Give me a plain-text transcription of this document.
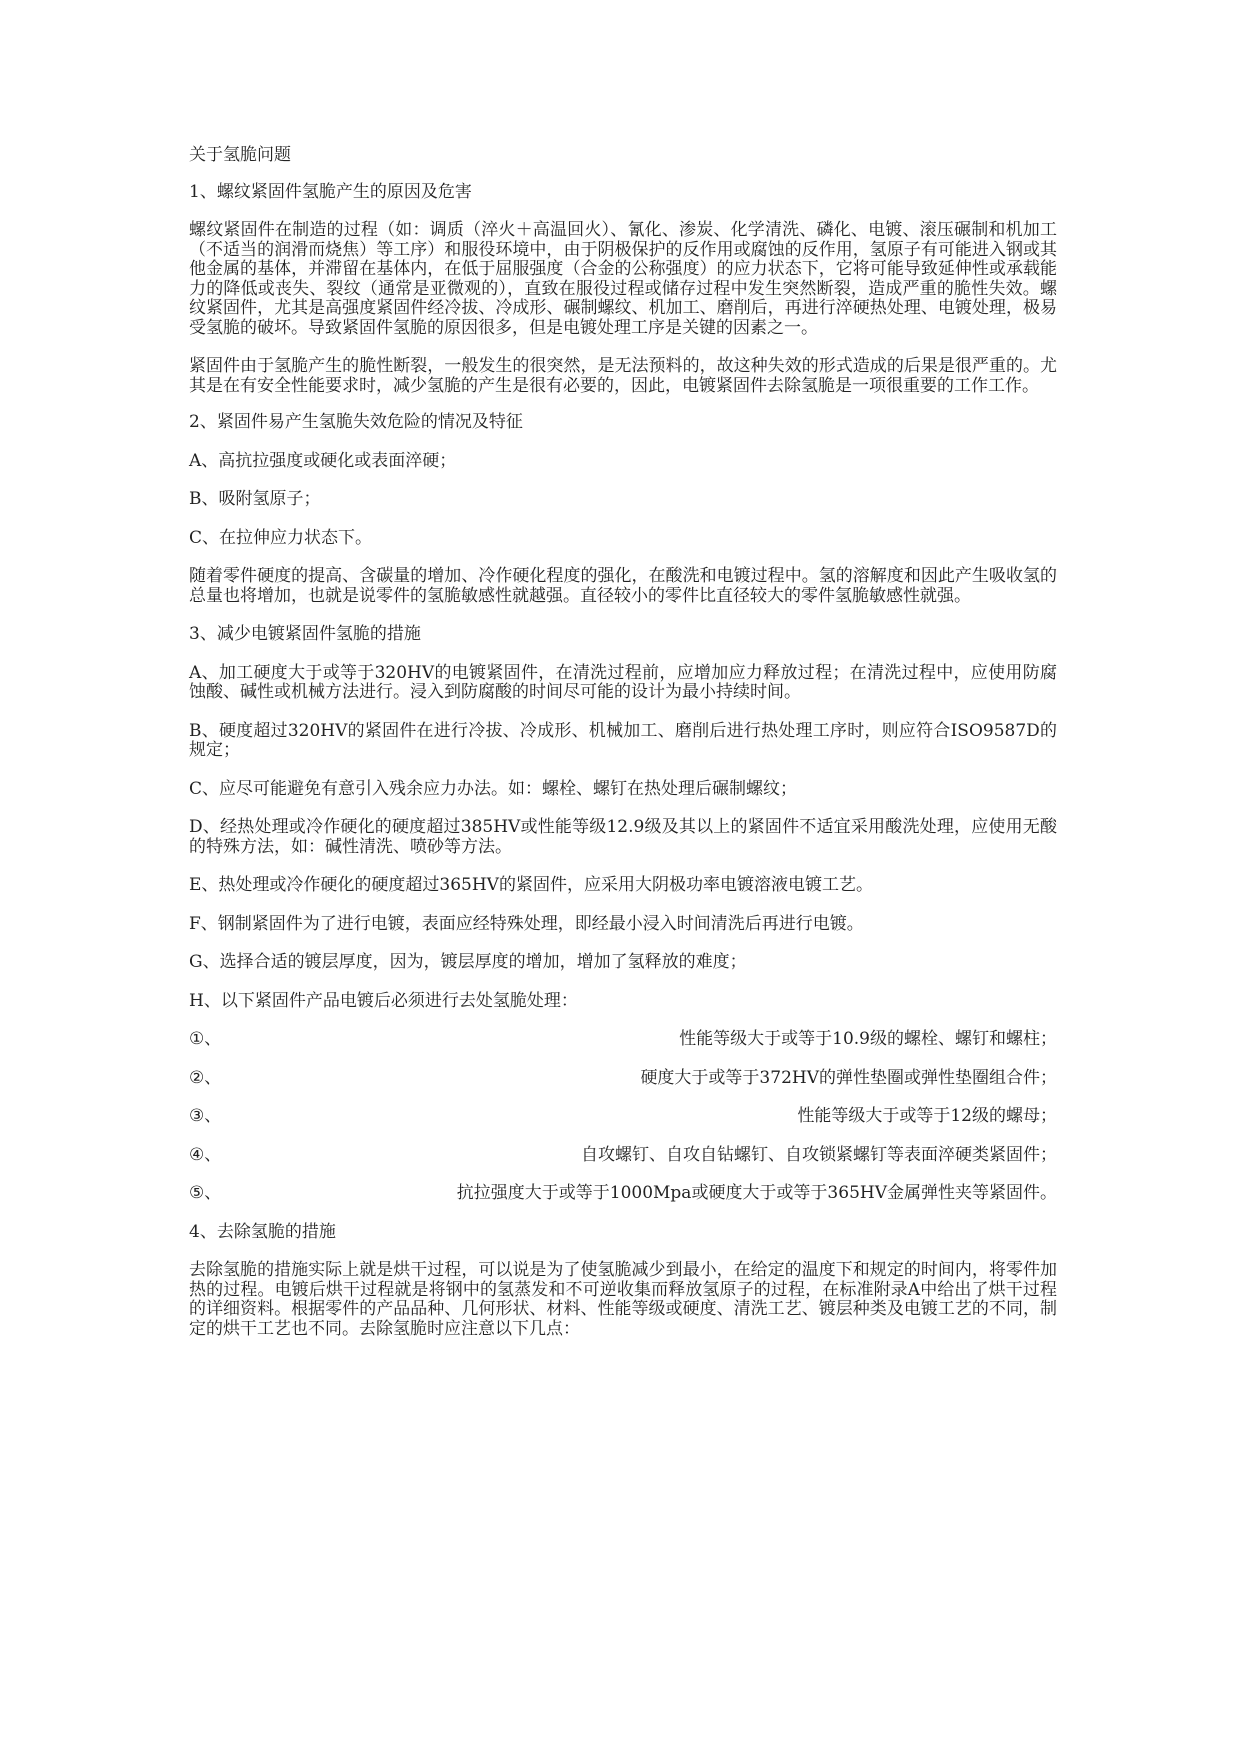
关于氢脆问题

1、螺纹紧固件氢脆产生的原因及危害

螺纹紧固件在制造的过程（如：调质（淬火＋高温回火）、氰化、渗炭、化学清洗、磷化、电镀、滚压碾制和机加工（不适当的润滑而烧焦）等工序）和服役环境中，由于阴极保护的反作用或腐蚀的反作用，氢原子有可能进入钢或其他金属的基体，并滞留在基体内，在低于屈服强度（合金的公称强度）的应力状态下，它将可能导致延伸性或承载能力的降低或丧失、裂纹（通常是亚微观的），直致在服役过程或储存过程中发生突然断裂，造成严重的脆性失效。螺纹紧固件，尤其是高强度紧固件经冷拔、冷成形、碾制螺纹、机加工、磨削后，再进行淬硬热处理、电镀处理，极易受氢脆的破坏。导致紧固件氢脆的原因很多，但是电镀处理工序是关键的因素之一。

紧固件由于氢脆产生的脆性断裂，一般发生的很突然，是无法预料的，故这种失效的形式造成的后果是很严重的。尤其是在有安全性能要求时，减少氢脆的产生是很有必要的，因此，电镀紧固件去除氢脆是一项很重要的工作工作。

2、紧固件易产生氢脆失效危险的情况及特征

A、高抗拉强度或硬化或表面淬硬；

B、吸附氢原子；

C、在拉伸应力状态下。

随着零件硬度的提高、含碳量的增加、冷作硬化程度的强化，在酸洗和电镀过程中。氢的溶解度和因此产生吸收氢的总量也将增加，也就是说零件的氢脆敏感性就越强。直径较小的零件比直径较大的零件氢脆敏感性就强。

3、减少电镀紧固件氢脆的措施

A、加工硬度大于或等于320HV的电镀紧固件，在清洗过程前，应增加应力释放过程；在清洗过程中，应使用防腐蚀酸、碱性或机械方法进行。浸入到防腐酸的时间尽可能的设计为最小持续时间。

B、硬度超过320HV的紧固件在进行冷拔、冷成形、机械加工、磨削后进行热处理工序时，则应符合ISO9587D的规定；

C、应尽可能避免有意引入残余应力办法。如：螺栓、螺钉在热处理后碾制螺纹；

D、经热处理或冷作硬化的硬度超过385HV或性能等级12.9级及其以上的紧固件不适宜采用酸洗处理，应使用无酸的特殊方法，如：碱性清洗、喷砂等方法。

E、热处理或冷作硬化的硬度超过365HV的紧固件，应采用大阴极功率电镀溶液电镀工艺。

F、钢制紧固件为了进行电镀，表面应经特殊处理，即经最小浸入时间清洗后再进行电镀。

G、选择合适的镀层厚度，因为，镀层厚度的增加，增加了氢释放的难度；

H、以下紧固件产品电镀后必须进行去处氢脆处理：

①、	性能等级大于或等于10.9级的螺栓、螺钉和螺柱；
②、	硬度大于或等于372HV的弹性垫圈或弹性垫圈组合件；
③、	性能等级大于或等于12级的螺母；
④、	自攻螺钉、自攻自钻螺钉、自攻锁紧螺钉等表面淬硬类紧固件；
⑤、	抗拉强度大于或等于1000Mpa或硬度大于或等于365HV金属弹性夹等紧固件。

4、去除氢脆的措施

去除氢脆的措施实际上就是烘干过程，可以说是为了使氢脆减少到最小，在给定的温度下和规定的时间内，将零件加热的过程。电镀后烘干过程就是将钢中的氢蒸发和不可逆收集而释放氢原子的过程，在标准附录A中给出了烘干过程的详细资料。根据零件的产品品种、几何形状、材料、性能等级或硬度、清洗工艺、镀层种类及电镀工艺的不同，制定的烘干工艺也不同。去除氢脆时应注意以下几点：
